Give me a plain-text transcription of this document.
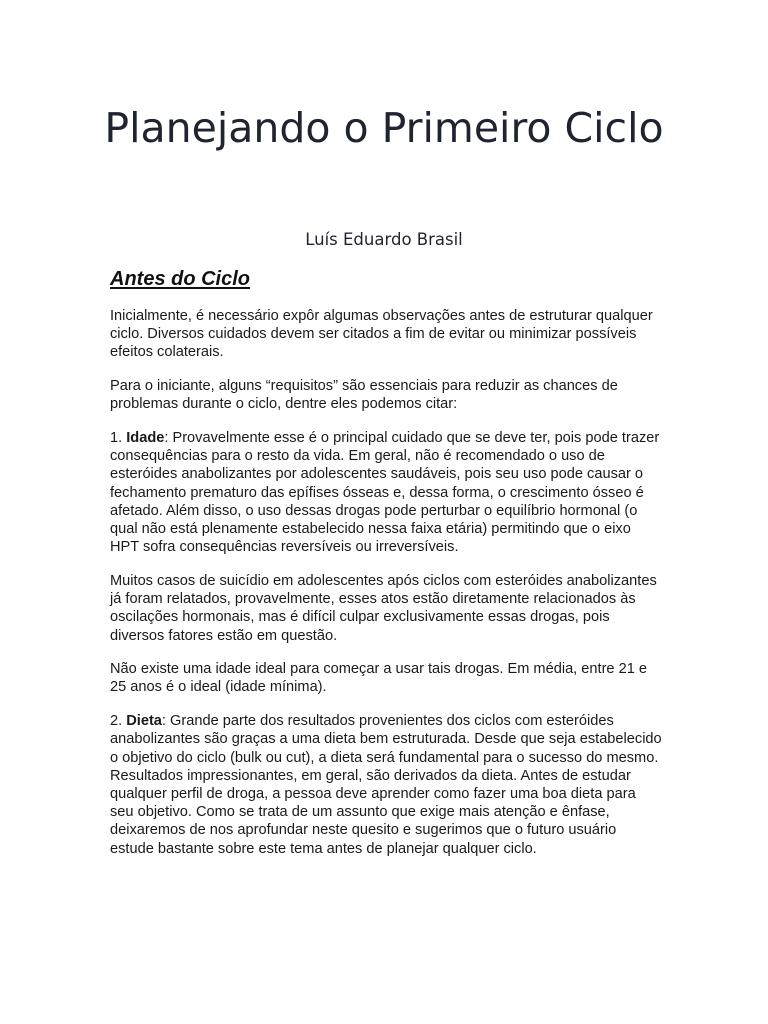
Planejando o Primeiro Ciclo
Luís Eduardo Brasil
Antes do Ciclo

Inicialmente, é necessário expôr algumas observações antes de estruturar qualquer ciclo. Diversos cuidados devem ser citados a fim de evitar ou minimizar possíveis efeitos colaterais.

Para o iniciante, alguns “requisitos” são essenciais para reduzir as chances de problemas durante o ciclo, dentre eles podemos citar:

1. Idade: Provavelmente esse é o principal cuidado que se deve ter, pois pode trazer consequências para o resto da vida. Em geral, não é recomendado o uso de esteróides anabolizantes por adolescentes saudáveis, pois seu uso pode causar o fechamento prematuro das epífises ósseas e, dessa forma, o crescimento ósseo é afetado. Além disso, o uso dessas drogas pode perturbar o equilíbrio hormonal (o qual não está plenamente estabelecido nessa faixa etária) permitindo que o eixo HPT sofra consequências reversíveis ou irreversíveis.

Muitos casos de suicídio em adolescentes após ciclos com esteróides anabolizantes já foram relatados, provavelmente, esses atos estão diretamente relacionados às oscilações hormonais, mas é difícil culpar exclusivamente essas drogas, pois diversos fatores estão em questão.

Não existe uma idade ideal para começar a usar tais drogas. Em média, entre 21 e 25 anos é o ideal (idade mínima).

2. Dieta: Grande parte dos resultados provenientes dos ciclos com esteróides anabolizantes são graças a uma dieta bem estruturada. Desde que seja estabelecido o objetivo do ciclo (bulk ou cut), a dieta será fundamental para o sucesso do mesmo. Resultados impressionantes, em geral, são derivados da dieta. Antes de estudar qualquer perfil de droga, a pessoa deve aprender como fazer uma boa dieta para seu objetivo. Como se trata de um assunto que exige mais atenção e ênfase, deixaremos de nos aprofundar neste quesito e sugerimos que o futuro usuário estude bastante sobre este tema antes de planejar qualquer ciclo.
